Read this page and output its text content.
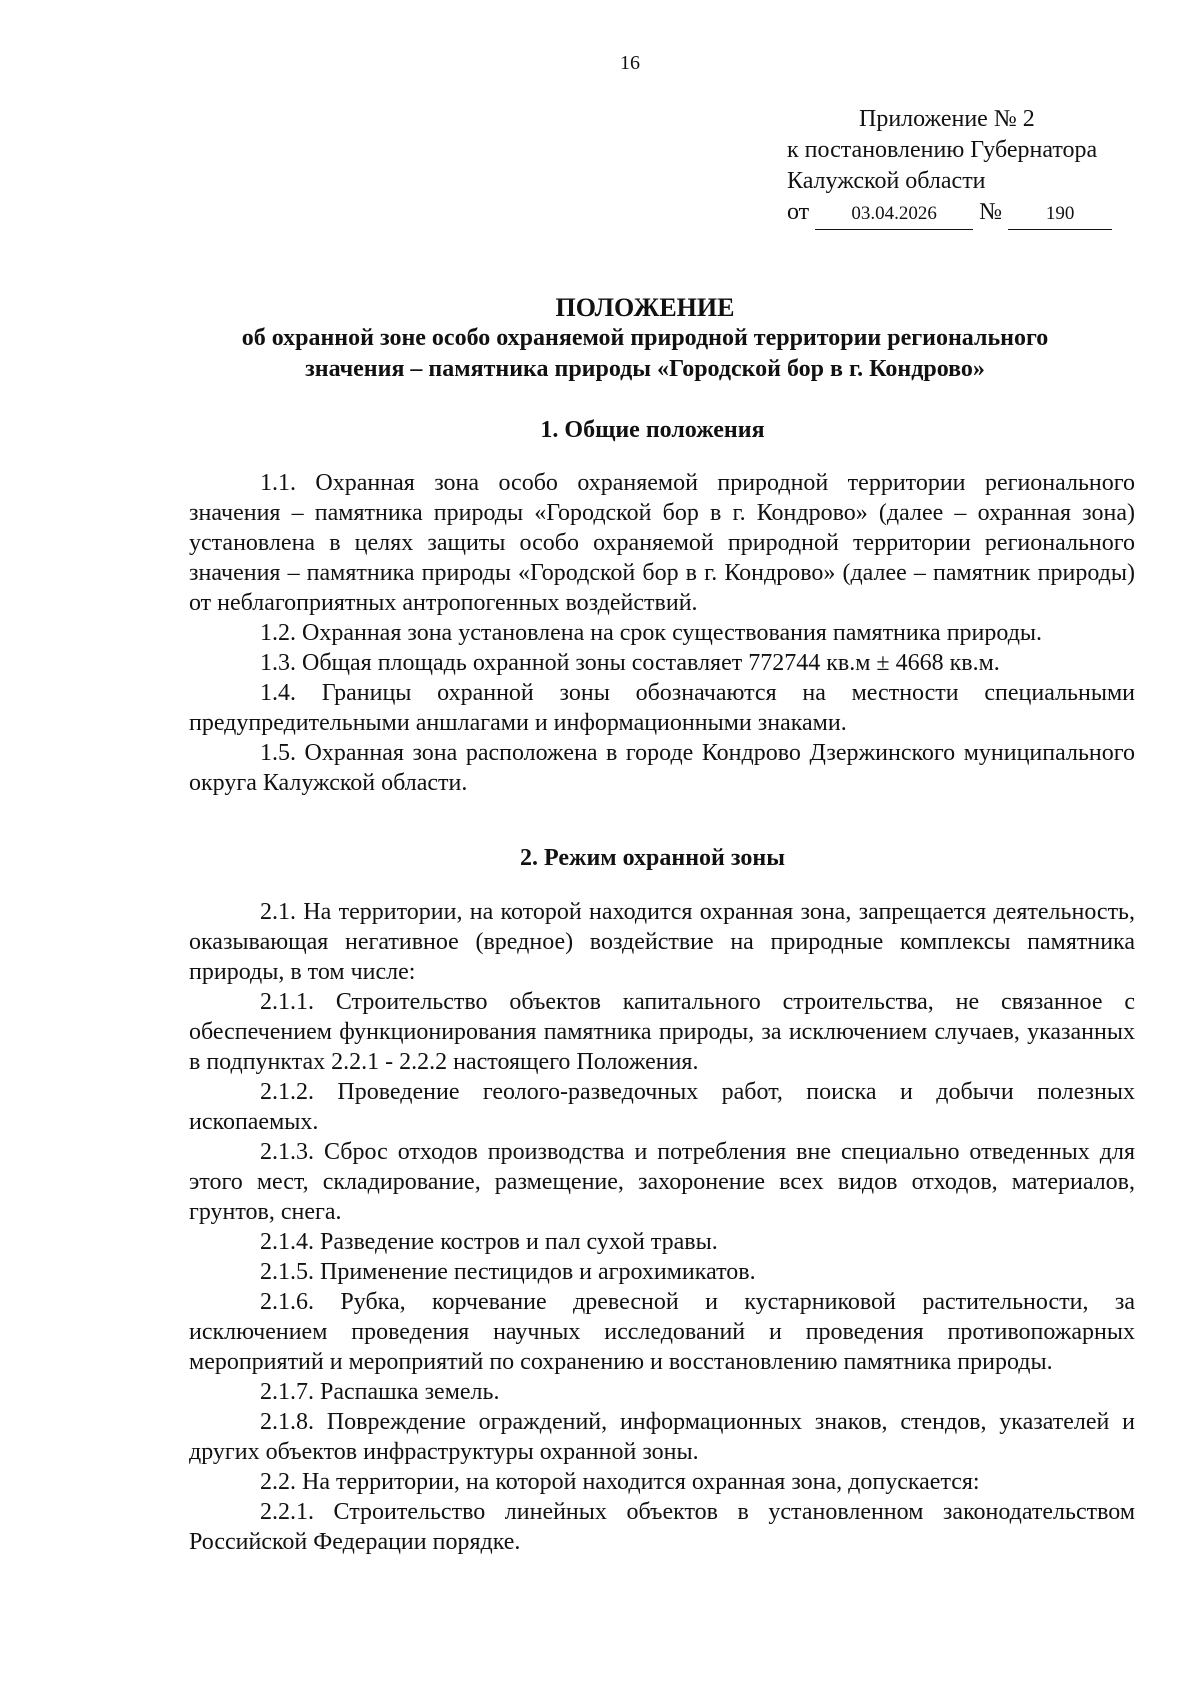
16
Приложение № 2
к постановлению Губернатора
Калужской области
от 03.04.2026 № 190
ПОЛОЖЕНИЕ
об охранной зоне особо охраняемой природной территории регионального
значения – памятника природы «Городской бор в г. Кондрово»
1. Общие положения

1.1. Охранная зона особо охраняемой природной территории регионального значения – памятника природы «Городской бор в г. Кондрово» (далее – охранная зона) установлена в целях защиты особо охраняемой природной территории регионального значения – памятника природы «Городской бор в г. Кондрово» (далее – памятник природы) от неблагоприятных антропогенных воздействий.

1.2. Охранная зона установлена на срок существования памятника природы.

1.3. Общая площадь охранной зоны составляет 772744 кв.м ± 4668 кв.м.

1.4. Границы охранной зоны обозначаются на местности специальными предупредительными аншлагами и информационными знаками.

1.5. Охранная зона расположена в городе Кондрово Дзержинского муниципального округа Калужской области.

2. Режим охранной зоны

2.1. На территории, на которой находится охранная зона, запрещается деятельность, оказывающая негативное (вредное) воздействие на природные комплексы памятника природы, в том числе:

2.1.1. Строительство объектов капитального строительства, не связанное с обеспечением функционирования памятника природы, за исключением случаев, указанных в подпунктах 2.2.1 - 2.2.2 настоящего Положения.

2.1.2. Проведение геолого-разведочных работ, поиска и добычи полезных ископаемых.

2.1.3. Сброс отходов производства и потребления вне специально отведенных для этого мест, складирование, размещение, захоронение всех видов отходов, материалов, грунтов, снега.

2.1.4. Разведение костров и пал сухой травы.

2.1.5. Применение пестицидов и агрохимикатов.

2.1.6. Рубка, корчевание древесной и кустарниковой растительности, за исключением проведения научных исследований и проведения противопожарных мероприятий и мероприятий по сохранению и восстановлению памятника природы.

2.1.7. Распашка земель.

2.1.8. Повреждение ограждений, информационных знаков, стендов, указателей и других объектов инфраструктуры охранной зоны.

2.2. На территории, на которой находится охранная зона, допускается:

2.2.1. Строительство линейных объектов в установленном законодательством Российской Федерации порядке.
